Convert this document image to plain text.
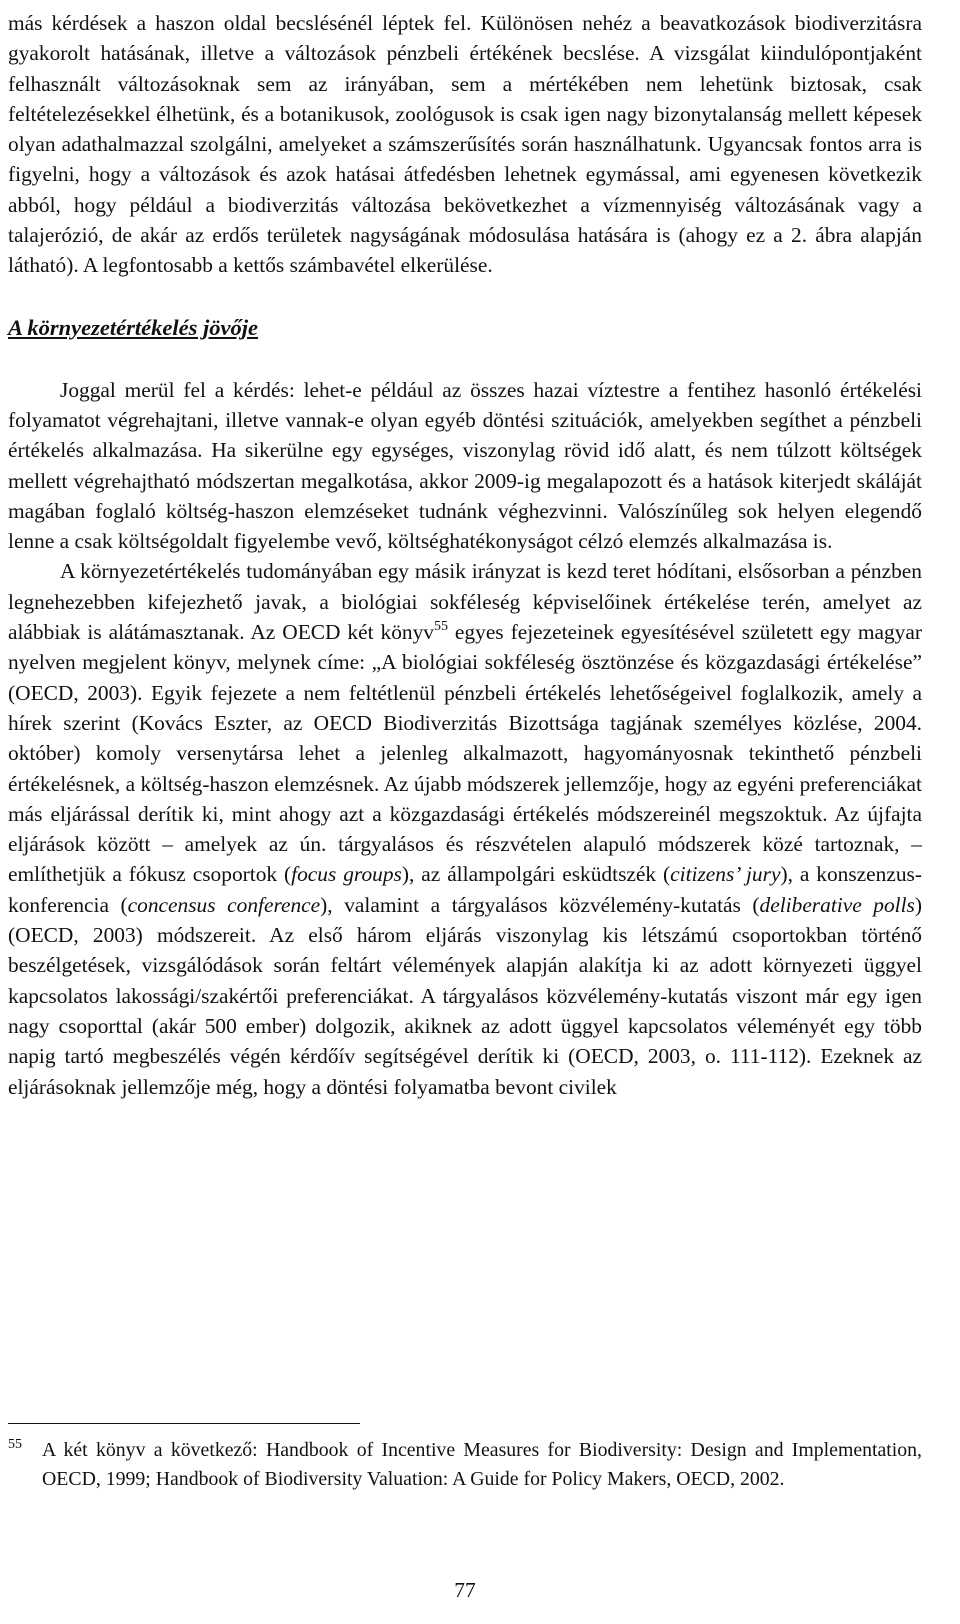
más kérdések a haszon oldal becslésénél léptek fel. Különösen nehéz a beavatkozások biodiverzitásra gyakorolt hatásának, illetve a változások pénzbeli értékének becslése. A vizsgálat kiindulópontjaként felhasznált változásoknak sem az irányában, sem a mértékében nem lehetünk biztosak, csak feltételezésekkel élhetünk, és a botanikusok, zoológusok is csak igen nagy bizonytalanság mellett képesek olyan adathalmazzal szolgálni, amelyeket a számszerűsítés során használhatunk. Ugyancsak fontos arra is figyelni, hogy a változások és azok hatásai átfedésben lehetnek egymással, ami egyenesen következik abból, hogy például a biodiverzitás változása bekövetkezhet a vízmennyiség változásának vagy a talajerózió, de akár az erdős területek nagyságának módosulása hatására is (ahogy ez a 2. ábra alapján látható). A legfontosabb a kettős számbavétel elkerülése.

A környezetértékelés jövője

Joggal merül fel a kérdés: lehet-e például az összes hazai víztestre a fentihez hasonló értékelési folyamatot végrehajtani, illetve vannak-e olyan egyéb döntési szituációk, amelyekben segíthet a pénzbeli értékelés alkalmazása. Ha sikerülne egy egységes, viszonylag rövid idő alatt, és nem túlzott költségek mellett végrehajtható módszertan megalkotása, akkor 2009-ig megalapozott és a hatások kiterjedt skáláját magában foglaló költség-haszon elemzéseket tudnánk véghezvinni. Valószínűleg sok helyen elegendő lenne a csak költségoldalt figyelembe vevő, költséghatékonyságot célzó elemzés alkalmazása is.

A környezetértékelés tudományában egy másik irányzat is kezd teret hódítani, elsősorban a pénzben legnehezebben kifejezhető javak, a biológiai sokféleség képviselőinek értékelése terén, amelyet az alábbiak is alátámasztanak. Az OECD két könyv$^{55}$ egyes fejezeteinek egyesítésével született egy magyar nyelven megjelent könyv, melynek címe: „A biológiai sokféleség ösztönzése és közgazdasági értékelése” (OECD, 2003). Egyik fejezete a nem feltétlenül pénzbeli értékelés lehetőségeivel foglalkozik, amely a hírek szerint (Kovács Eszter, az OECD Biodiverzitás Bizottsága tagjának személyes közlése, 2004. október) komoly versenytársa lehet a jelenleg alkalmazott, hagyományosnak tekinthető pénzbeli értékelésnek, a költség-haszon elemzésnek. Az újabb módszerek jellemzője, hogy az egyéni preferenciákat más eljárással derítik ki, mint ahogy azt a közgazdasági értékelés módszereinél megszoktuk. Az újfajta eljárások között – amelyek az ún. tárgyalásos és részvételen alapuló módszerek közé tartoznak, – említhetjük a fókusz csoportok (focus groups), az állampolgári esküdtszék (citizens’ jury), a konszenzus-konferencia (concensus conference), valamint a tárgyalásos közvélemény-kutatás (deliberative polls) (OECD, 2003) módszereit. Az első három eljárás viszonylag kis létszámú csoportokban történő beszélgetések, vizsgálódások során feltárt vélemények alapján alakítja ki az adott környezeti üggyel kapcsolatos lakossági/szakértői preferenciákat. A tárgyalásos közvélemény-kutatás viszont már egy igen nagy csoporttal (akár 500 ember) dolgozik, akiknek az adott üggyel kapcsolatos véleményét egy több napig tartó megbeszélés végén kérdőív segítségével derítik ki (OECD, 2003, o. 111-112). Ezeknek az eljárásoknak jellemzője még, hogy a döntési folyamatba bevont civilek

55 A két könyv a következő: Handbook of Incentive Measures for Biodiversity: Design and Implementation, OECD, 1999; Handbook of Biodiversity Valuation: A Guide for Policy Makers, OECD, 2002.
77
